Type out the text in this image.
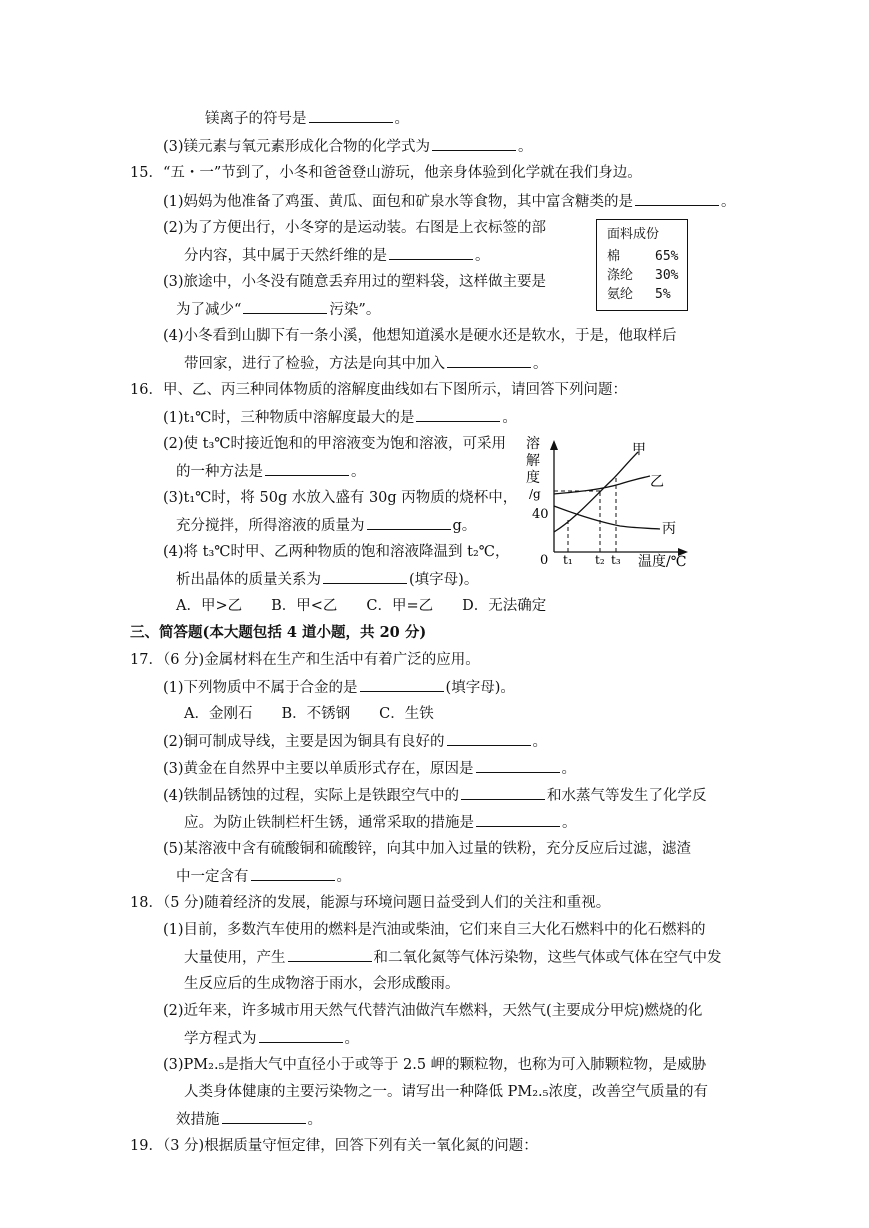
镁离子的符号是	。
(3)镁元素与氧元素形成化合物的化学式为	。
15．“五・一”节到了，小冬和爸爸登山游玩，他亲身体验到化学就在我们身边。
(1)妈妈为他准备了鸡蛋、黄瓜、面包和矿泉水等食物，其中富含糖类的是	。
(2)为了方便出行，小冬穿的是运动装。右图是上衣标签的部
分内容，其中属于天然纤维的是	。
(3)旅途中，小冬没有随意丢弃用过的塑料袋，这样做主要是
为了减少“	污染”。
(4)小冬看到山脚下有一条小溪，他想知道溪水是硬水还是软水，于是，他取样后
带回家，进行了检验，方法是向其中加入	。
16．甲、乙、丙三种同体物质的溶解度曲线如右下图所示，请回答下列问题：
(1)t₁℃时，三种物质中溶解度最大的是	。
(2)使 t₃℃时接近饱和的甲溶液变为饱和溶液，可采用
的一种方法是	。
(3)t₁℃时，将 50g 水放入盛有 30g 丙物质的烧杯中，
充分搅拌，所得溶液的质量为	g。
(4)将 t₃℃时甲、乙两种物质的饱和溶液降温到 t₂℃，
析出晶体的质量关系为	(填字母)。
A．甲>乙　　B．甲<乙　　C．甲=乙　　D．无法确定
三、简答题(本大题包括 4 道小题，共 20 分)
17．（6 分)金属材料在生产和生活中有着广泛的应用。
(1)下列物质中不属于合金的是	(填字母)。
A．金刚石　　B．不锈钢　　C．生铁
(2)铜可制成导线，主要是因为铜具有良好的	。
(3)黄金在自然界中主要以单质形式存在，原因是	。
(4)铁制品锈蚀的过程，实际上是铁跟空气中的	和水蒸气等发生了化学反
应。为防止铁制栏杆生锈，通常采取的措施是	。
(5)某溶液中含有硫酸铜和硫酸锌，向其中加入过量的铁粉，充分反应后过滤，滤渣
中一定含有	。
18．（5 分)随着经济的发展，能源与环境问题日益受到人们的关注和重视。
(1)目前，多数汽车使用的燃料是汽油或柴油，它们来自三大化石燃料中的化石燃料的
大量使用，产生	和二氧化氮等气体污染物，这些气体或气体在空气中发
生反应后的生成物溶于雨水，会形成酸雨。
(2)近年来，许多城市用天然气代替汽油做汽车燃料，天然气(主要成分甲烷)燃烧的化
学方程式为	。
(3)PM₂.₅是指大气中直径小于或等于 2.5 岬的颗粒物，也称为可入肺颗粒物，是威胁
人类身体健康的主要污染物之一。请写出一种降低 PM₂.₅浓度，改善空气质量的有
效措施	。
19．（3 分)根据质量守恒定律，回答下列有关一氧化氮的问题：
面料成份
棉	65%
涤纶 30%
氨纶 5%
溶
解
度
/g
40
0 t₁ t₂ t₃ 温度/℃
甲
乙
丙
